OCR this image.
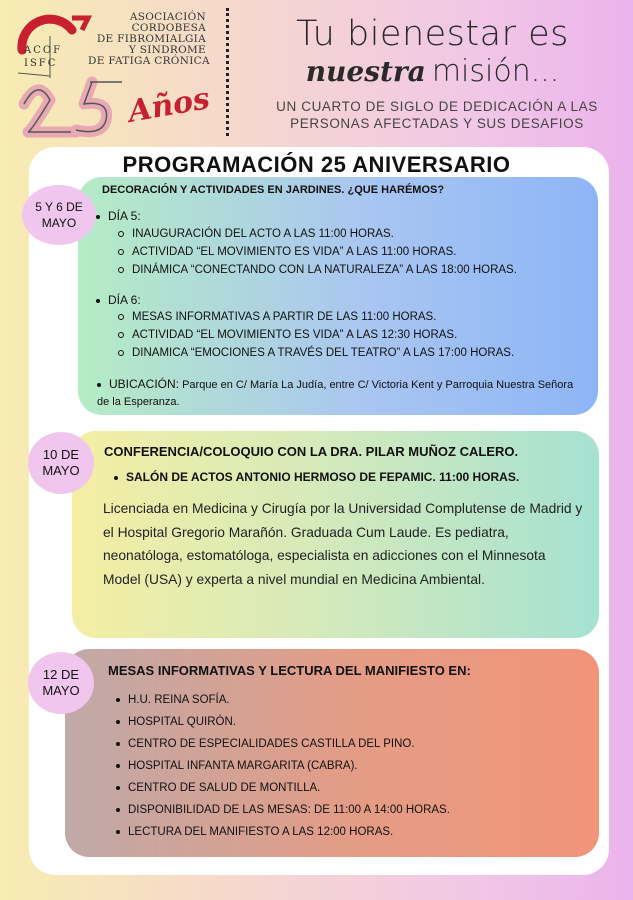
ACOFISFC
ASOCIACIÓN
CORDOBESA
DE FIBROMIALGIA
Y SINDROME
DE FATIGA CRÓNICA
Años
Tu bienestar es
nuestra misión...
UN CUARTO DE SIGLO DE DEDICACIÓN A LAS PERSONAS AFECTADAS Y SUS DESAFIOS
PROGRAMACIÓN 25 ANIVERSARIO
5 Y 6 DE
MAYO
DECORACIÓN Y ACTIVIDADES EN JARDINES. ¿QUE HARÉMOS?
DÍA 5:
INAUGURACIÓN DEL ACTO A LAS 11:00 HORAS.
ACTIVIDAD “EL MOVIMIENTO ES VIDA” A LAS 11:00 HORAS.
DINÁMICA “CONECTANDO CON LA NATURALEZA” A LAS 18:00 HORAS.
DÍA 6:
MESAS INFORMATIVAS A PARTIR DE LAS 11:00 HORAS.
ACTIVIDAD “EL MOVIMIENTO ES VIDA” A LAS 12:30 HORAS.
DINAMICA “EMOCIONES A TRAVÉS DEL TEATRO” A LAS 17:00 HORAS.
UBICACIÓN: Parque en C/ María La Judía, entre C/ Victoria Kent y Parroquia Nuestra Señora de la Esperanza.
10 DE
MAYO
CONFERENCIA/COLOQUIO CON LA DRA. PILAR MUÑOZ CALERO.
SALÓN DE ACTOS ANTONIO HERMOSO DE FEPAMIC. 11:00 HORAS.
Licenciada en Medicina y Cirugía por la Universidad Complutense de Madrid y el Hospital Gregorio Marañón. Graduada Cum Laude. Es pediatra, neonatóloga, estomatóloga, especialista en adicciones con el Minnesota Model (USA) y experta a nivel mundial en Medicina Ambiental.
12 DE
MAYO
MESAS INFORMATIVAS Y LECTURA DEL MANIFIESTO EN:
H.U. REINA SOFÍA.
HOSPITAL QUIRÓN.
CENTRO DE ESPECIALIDADES CASTILLA DEL PINO.
HOSPITAL INFANTA MARGARITA (CABRA).
CENTRO DE SALUD DE MONTILLA.
DISPONIBILIDAD DE LAS MESAS: DE 11:00 A 14:00 HORAS.
LECTURA DEL MANIFIESTO A LAS 12:00 HORAS.
